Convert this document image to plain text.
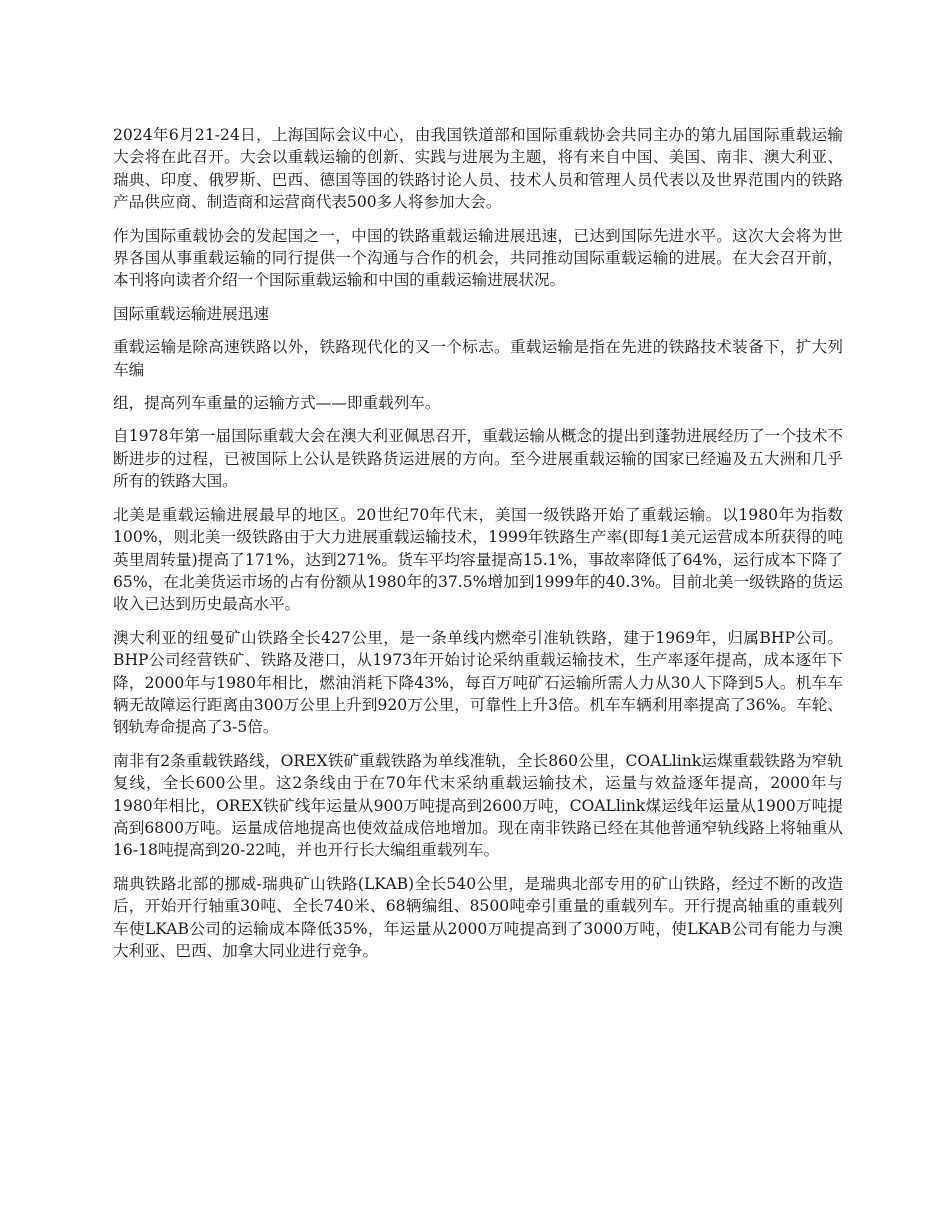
2024年6月21-24日，上海国际会议中心，由我国铁道部和国际重载协会共同主办的第九届国际重载运输大会将在此召开。大会以重载运输的创新、实践与进展为主题，将有来自中国、美国、南非、澳大利亚、瑞典、印度、俄罗斯、巴西、德国等国的铁路讨论人员、技术人员和管理人员代表以及世界范围内的铁路产品供应商、制造商和运营商代表500多人将参加大会。

作为国际重载协会的发起国之一，中国的铁路重载运输进展迅速，已达到国际先进水平。这次大会将为世界各国从事重载运输的同行提供一个沟通与合作的机会，共同推动国际重载运输的进展。在大会召开前，本刊将向读者介绍一个国际重载运输和中国的重载运输进展状况。

国际重载运输进展迅速

重载运输是除高速铁路以外，铁路现代化的又一个标志。重载运输是指在先进的铁路技术装备下，扩大列车编

组，提高列车重量的运输方式——即重载列车。

自1978年第一届国际重载大会在澳大利亚佩思召开，重载运输从概念的提出到蓬勃进展经历了一个技术不断进步的过程，已被国际上公认是铁路货运进展的方向。至今进展重载运输的国家已经遍及五大洲和几乎所有的铁路大国。

北美是重载运输进展最早的地区。20世纪70年代末，美国一级铁路开始了重载运输。以1980年为指数100%，则北美一级铁路由于大力进展重载运输技术，1999年铁路生产率(即每1美元运营成本所获得的吨英里周转量)提高了171%，达到271%。货车平均容量提高15.1%，事故率降低了64%，运行成本下降了65%，在北美货运市场的占有份额从1980年的37.5%增加到1999年的40.3%。目前北美一级铁路的货运收入已达到历史最高水平。

澳大利亚的纽曼矿山铁路全长427公里，是一条单线内燃牵引准轨铁路，建于1969年，归属BHP公司。BHP公司经营铁矿、铁路及港口，从1973年开始讨论采纳重载运输技术，生产率逐年提高，成本逐年下降，2000年与1980年相比，燃油消耗下降43%，每百万吨矿石运输所需人力从30人下降到5人。机车车辆无故障运行距离由300万公里上升到920万公里，可靠性上升3倍。机车车辆利用率提高了36%。车轮、钢轨寿命提高了3-5倍。

南非有2条重载铁路线，OREX铁矿重载铁路为单线准轨，全长860公里，COALlink运煤重载铁路为窄轨复线，全长600公里。这2条线由于在70年代末采纳重载运输技术，运量与效益逐年提高，2000年与1980年相比，OREX铁矿线年运量从900万吨提高到2600万吨，COALlink煤运线年运量从1900万吨提高到6800万吨。运量成倍地提高也使效益成倍地增加。现在南非铁路已经在其他普通窄轨线路上将轴重从16-18吨提高到20-22吨，并也开行长大编组重载列车。

瑞典铁路北部的挪威-瑞典矿山铁路(LKAB)全长540公里，是瑞典北部专用的矿山铁路，经过不断的改造后，开始开行轴重30吨、全长740米、68辆编组、8500吨牵引重量的重载列车。开行提高轴重的重载列车使LKAB公司的运输成本降低35%，年运量从2000万吨提高到了3000万吨，使LKAB公司有能力与澳大利亚、巴西、加拿大同业进行竞争。
